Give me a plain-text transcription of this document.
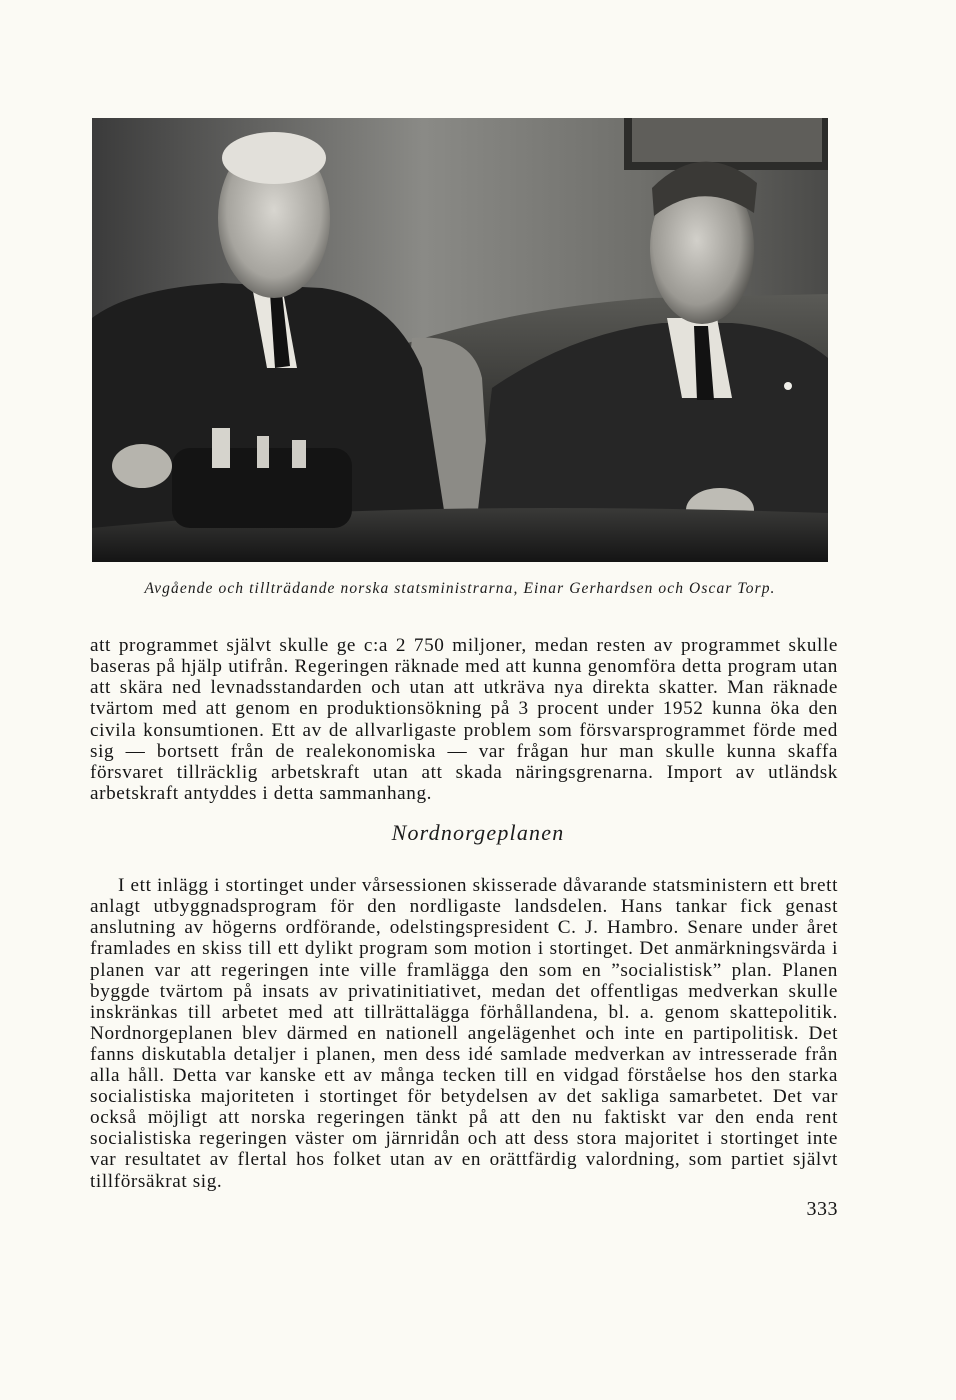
Avgående och tillträdande norska statsministrarna, Einar Gerhardsen och Oscar Torp.

att programmet självt skulle ge c:a 2 750 miljoner, medan resten av programmet skulle baseras på hjälp utifrån. Regeringen räknade med att kunna genomföra detta program utan att skära ned levnadsstandarden och utan att utkräva nya direkta skatter. Man räknade tvärtom med att genom en produktionsökning på 3 procent under 1952 kunna öka den civila konsumtionen. Ett av de allvarligaste problem som försvarsprogrammet förde med sig — bortsett från de realekonomiska — var frågan hur man skulle kunna skaffa försvaret tillräcklig arbetskraft utan att skada näringsgrenarna. Import av utländsk arbetskraft antyddes i detta sammanhang.

Nordnorgeplanen

I ett inlägg i stortinget under vårsessionen skisserade dåvarande statsministern ett brett anlagt utbyggnadsprogram för den nordligaste landsdelen. Hans tankar fick genast anslutning av högerns ordförande, odelstingspresident C. J. Hambro. Senare under året framlades en skiss till ett dylikt program som motion i stortinget. Det anmärkningsvärda i planen var att regeringen inte ville framlägga den som en ”socialistisk” plan. Planen byggde tvärtom på insats av privatinitiativet, medan det offentligas medverkan skulle inskränkas till arbetet med att tillrättalägga förhållandena, bl. a. genom skattepolitik. Nordnorgeplanen blev därmed en nationell angelägenhet och inte en partipolitisk. Det fanns diskutabla detaljer i planen, men dess idé samlade medverkan av intresserade från alla håll. Detta var kanske ett av många tecken till en vidgad förståelse hos den starka socialistiska majoriteten i stortinget för betydelsen av det sakliga samarbetet. Det var också möjligt att norska regeringen tänkt på att den nu faktiskt var den enda rent socialistiska regeringen väster om järnridån och att dess stora majoritet i stortinget inte var resultatet av flertal hos folket utan av en orättfärdig valordning, som partiet självt tillförsäkrat sig.

333
